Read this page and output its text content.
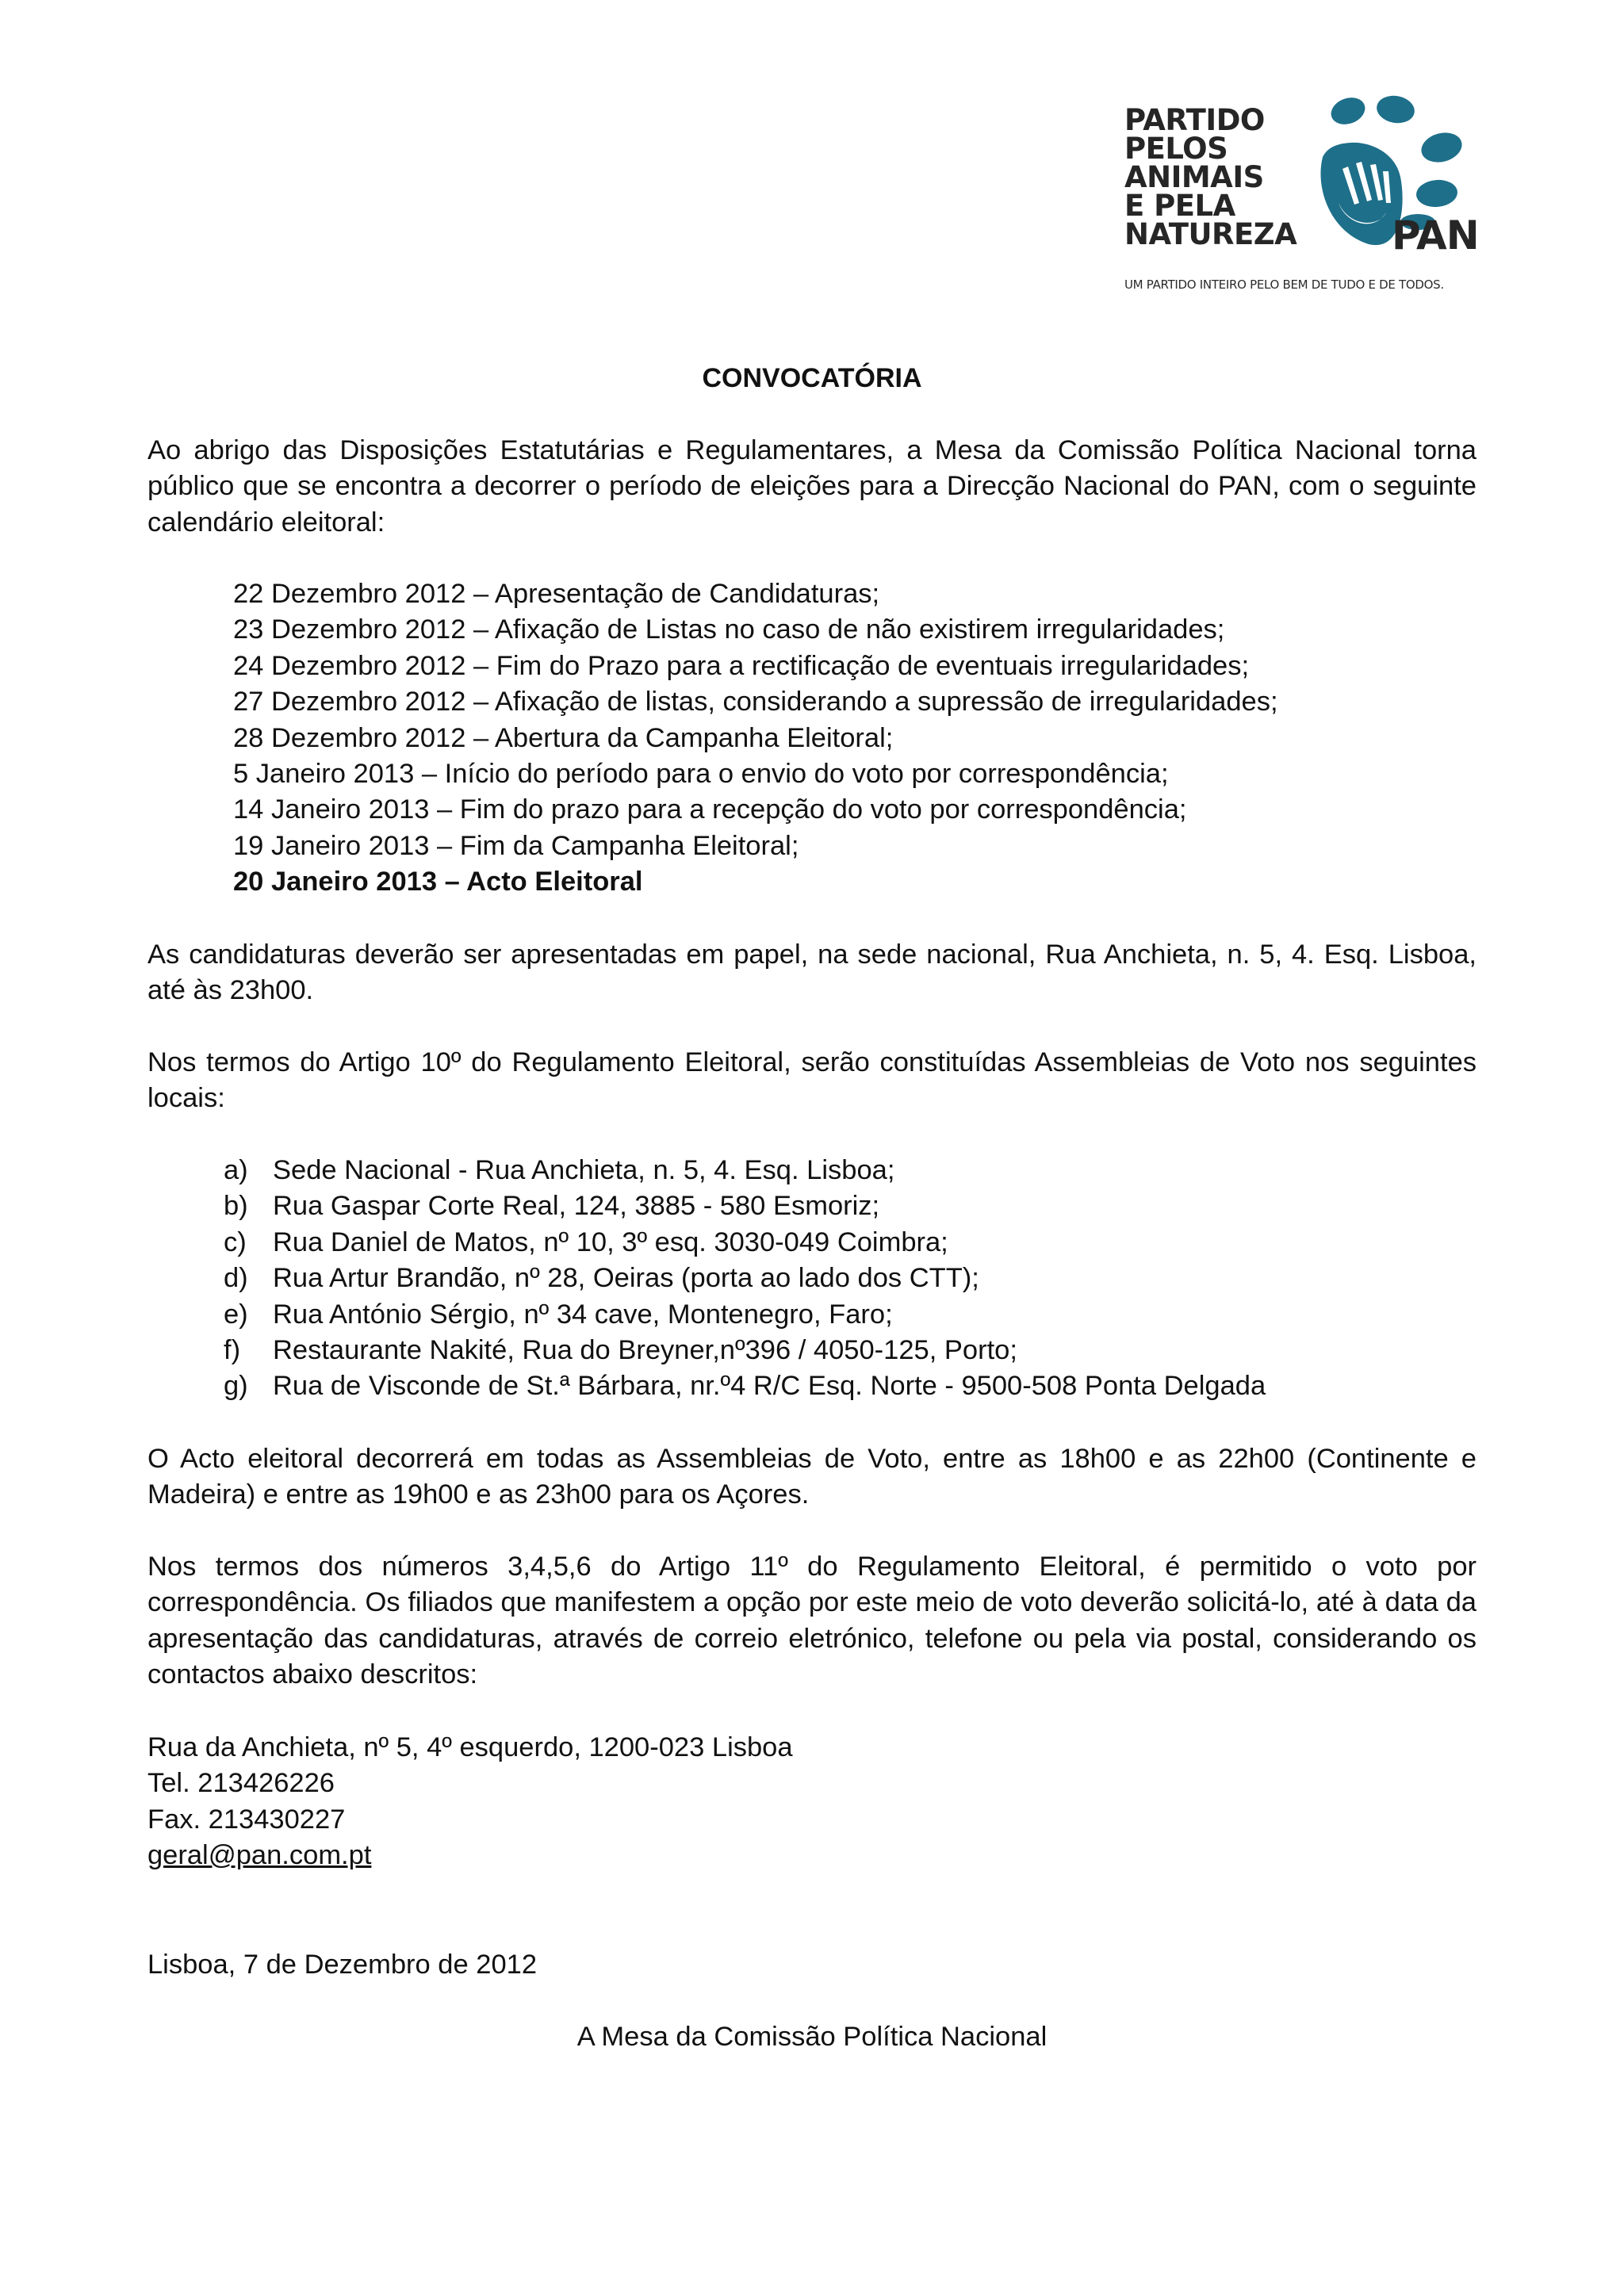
PARTIDO
PELOS
ANIMAIS
E PELA
NATUREZA PAN
UM PARTIDO INTEIRO PELO BEM DE TUDO E DE TODOS.
CONVOCATÓRIA

Ao abrigo das Disposições Estatutárias e Regulamentares, a Mesa da Comissão Política Nacional torna público que se encontra a decorrer o período de eleições para a Direcção Nacional do PAN, com o seguinte calendário eleitoral:

22 Dezembro 2012 – Apresentação de Candidaturas;
23 Dezembro 2012 – Afixação de Listas no caso de não existirem irregularidades;
24 Dezembro 2012 – Fim do Prazo para a rectificação de eventuais irregularidades;
27 Dezembro 2012 – Afixação de listas, considerando a supressão de irregularidades;
28 Dezembro 2012 – Abertura da Campanha Eleitoral;
5 Janeiro 2013 – Início do período para o envio do voto por correspondência;
14 Janeiro 2013 – Fim do prazo para a recepção do voto por correspondência;
19 Janeiro 2013 – Fim da Campanha Eleitoral;
20 Janeiro 2013 – Acto Eleitoral

As candidaturas deverão ser apresentadas em papel, na sede nacional, Rua Anchieta, n. 5, 4. Esq. Lisboa, até às 23h00.

Nos termos do Artigo 10º do Regulamento Eleitoral, serão constituídas Assembleias de Voto nos seguintes locais:

a) Sede Nacional - Rua Anchieta, n. 5, 4. Esq. Lisboa;
b) Rua Gaspar Corte Real, 124, 3885 - 580 Esmoriz;
c) Rua Daniel de Matos, nº 10, 3º esq. 3030-049 Coimbra;
d) Rua Artur Brandão, nº 28, Oeiras (porta ao lado dos CTT);
e) Rua António Sérgio, nº 34 cave, Montenegro, Faro;
f) Restaurante Nakité, Rua do Breyner,nº396 / 4050-125, Porto;
g) Rua de Visconde de St.ª Bárbara, nr.º4 R/C Esq. Norte - 9500-508 Ponta Delgada

O Acto eleitoral decorrerá em todas as Assembleias de Voto, entre as 18h00 e as 22h00 (Continente e Madeira) e entre as 19h00 e as 23h00 para os Açores.

Nos termos dos números 3,4,5,6 do Artigo 11º do Regulamento Eleitoral, é permitido o voto por correspondência. Os filiados que manifestem a opção por este meio de voto deverão solicitá-lo, até à data da apresentação das candidaturas, através de correio eletrónico, telefone ou pela via postal, considerando os contactos abaixo descritos:

Rua da Anchieta, nº 5, 4º esquerdo, 1200-023 Lisboa
Tel. 213426226
Fax. 213430227
geral@pan.com.pt
Lisboa, 7 de Dezembro de 2012
A Mesa da Comissão Política Nacional
